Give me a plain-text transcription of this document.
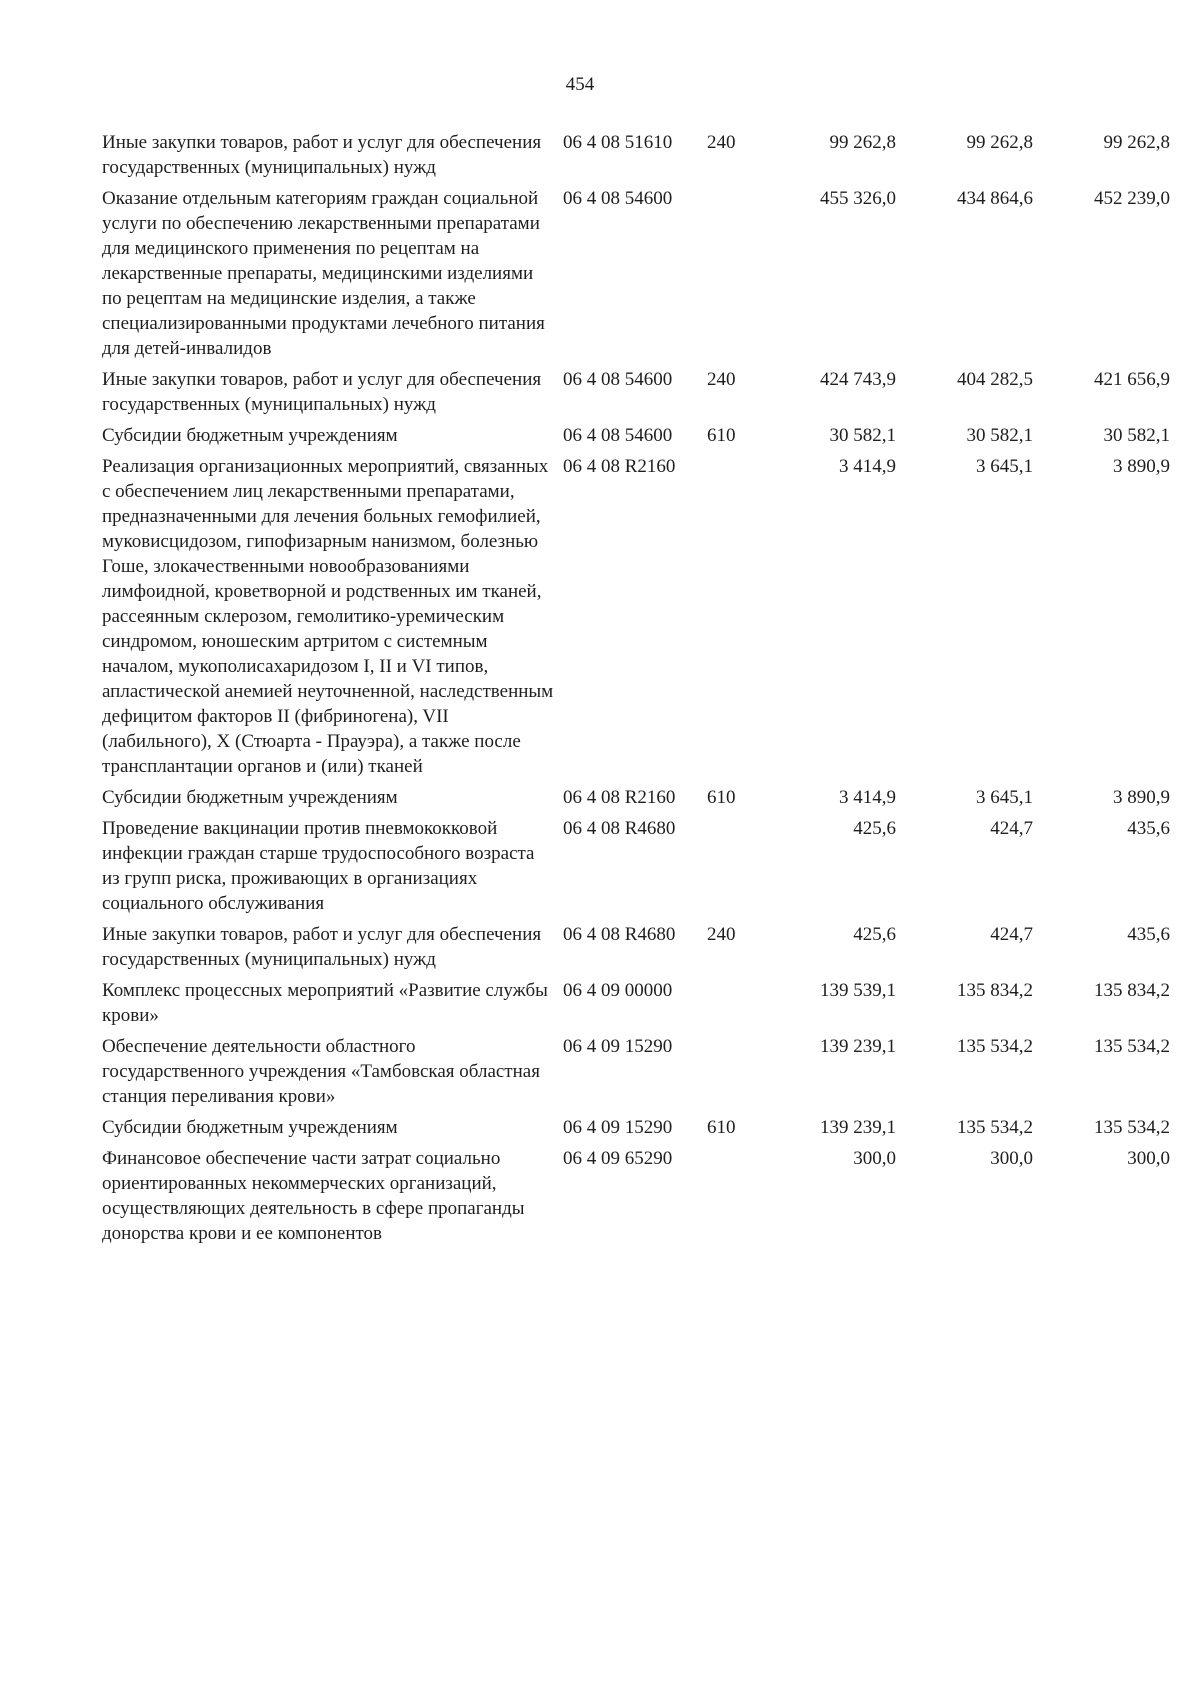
454
Иные закупки товаров, работ и услуг для обеспечения государственных (муниципальных) нужд	06 4 08 51610	240	99 262,8	99 262,8	99 262,8
Оказание отдельным категориям граждан социальной услуги по обеспечению лекарственными препаратами для медицинского применения по рецептам на лекарственные препараты, медицинскими изделиями по рецептам на медицинские изделия, а также специализированными продуктами лечебного питания для детей-инвалидов	06 4 08 54600		455 326,0	434 864,6	452 239,0
Иные закупки товаров, работ и услуг для обеспечения государственных (муниципальных) нужд	06 4 08 54600	240	424 743,9	404 282,5	421 656,9
Субсидии бюджетным учреждениям	06 4 08 54600	610	30 582,1	30 582,1	30 582,1
Реализация организационных мероприятий, связанных с обеспечением лиц лекарственными препаратами, предназначенными для лечения больных гемофилией, муковисцидозом, гипофизарным нанизмом, болезнью Гоше, злокачественными новообразованиями лимфоидной, кроветворной и родственных им тканей, рассеянным склерозом, гемолитико-уремическим синдромом, юношеским артритом с системным началом, мукополисахаридозом I, II и VI типов, апластической анемией неуточненной, наследственным дефицитом факторов II (фибриногена), VII (лабильного), X (Стюарта - Прауэра), а также после трансплантации органов и (или) тканей	06 4 08 R2160		3 414,9	3 645,1	3 890,9
Субсидии бюджетным учреждениям	06 4 08 R2160	610	3 414,9	3 645,1	3 890,9
Проведение вакцинации против пневмококковой инфекции граждан старше трудоспособного возраста из групп риска, проживающих в организациях социального обслуживания	06 4 08 R4680		425,6	424,7	435,6
Иные закупки товаров, работ и услуг для обеспечения государственных (муниципальных) нужд	06 4 08 R4680	240	425,6	424,7	435,6
Комплекс процессных мероприятий «Развитие службы крови»	06 4 09 00000		139 539,1	135 834,2	135 834,2
Обеспечение деятельности областного государственного учреждения «Тамбовская областная станция переливания крови»	06 4 09 15290		139 239,1	135 534,2	135 534,2
Субсидии бюджетным учреждениям	06 4 09 15290	610	139 239,1	135 534,2	135 534,2
Финансовое обеспечение части затрат социально ориентированных некоммерческих организаций, осуществляющих деятельность в сфере пропаганды донорства крови и ее компонентов	06 4 09 65290		300,0	300,0	300,0
